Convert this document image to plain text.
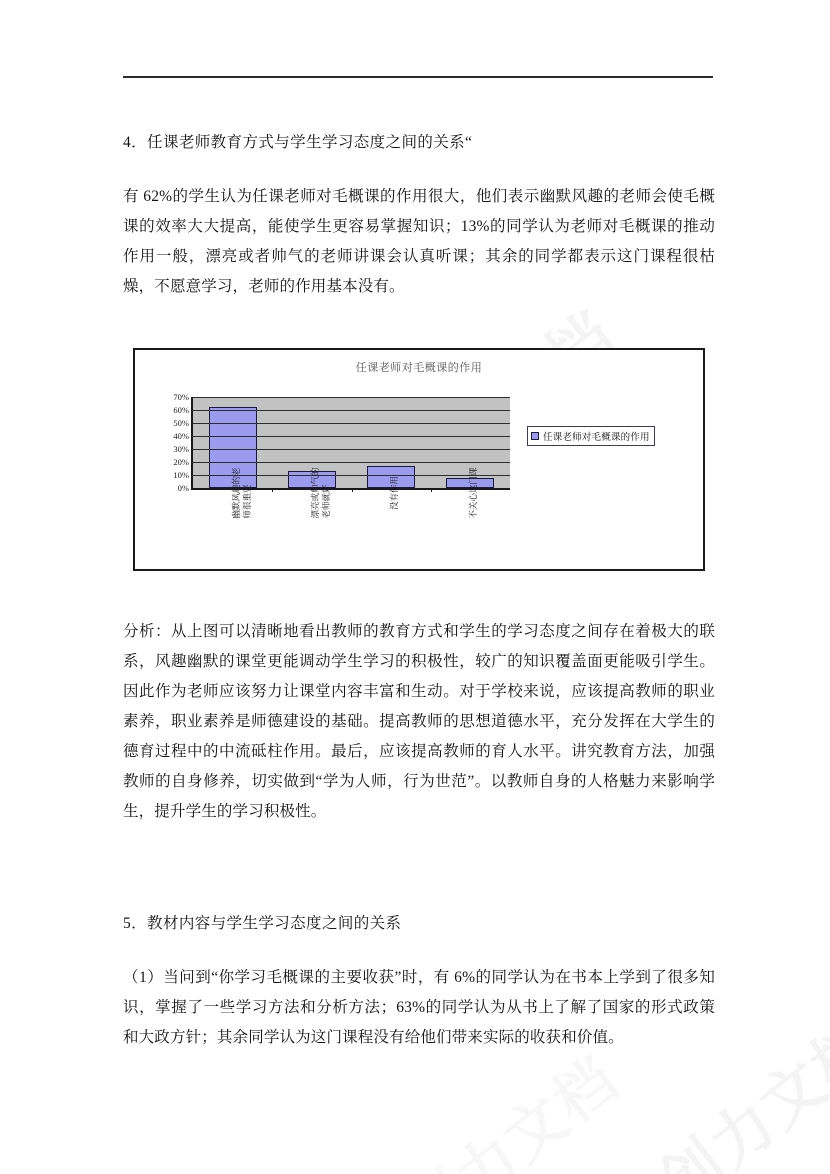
4．任课老师教育方式与学生学习态度之间的关系“

有 62%的学生认为任课老师对毛概课的作用很大，他们表示幽默风趣的老师会使毛概课的效率大大提高，能使学生更容易掌握知识；13%的同学认为老师对毛概课的推动作用一般，漂亮或者帅气的老师讲课会认真听课；其余的同学都表示这门课程很枯燥，不愿意学习，老师的作用基本没有。

任课老师对毛概课的作用
70%
60%
50%
40%
30%
20%
10%
0%	幽默风趣的老 师很重要	漂亮或帅气的 老师就好	没有作用	不关心这门课
任课老师对毛概课的作用

分析：从上图可以清晰地看出教师的教育方式和学生的学习态度之间存在着极大的联系，风趣幽默的课堂更能调动学生学习的积极性，较广的知识覆盖面更能吸引学生。因此作为老师应该努力让课堂内容丰富和生动。对于学校来说，应该提高教师的职业素养，职业素养是师德建设的基础。提高教师的思想道德水平，充分发挥在大学生的德育过程中的中流砥柱作用。最后，应该提高教师的育人水平。讲究教育方法，加强教师的自身修养，切实做到“学为人师，行为世范”。以教师自身的人格魅力来影响学生，提升学生的学习积极性。

5．教材内容与学生学习态度之间的关系

（1）当问到“你学习毛概课的主要收获”时，有 6%的同学认为在书本上学到了很多知识，掌握了一些学习方法和分析方法；63%的同学认为从书上了解了国家的形式政策和大政方针；其余同学认为这门课程没有给他们带来实际的收获和价值。
